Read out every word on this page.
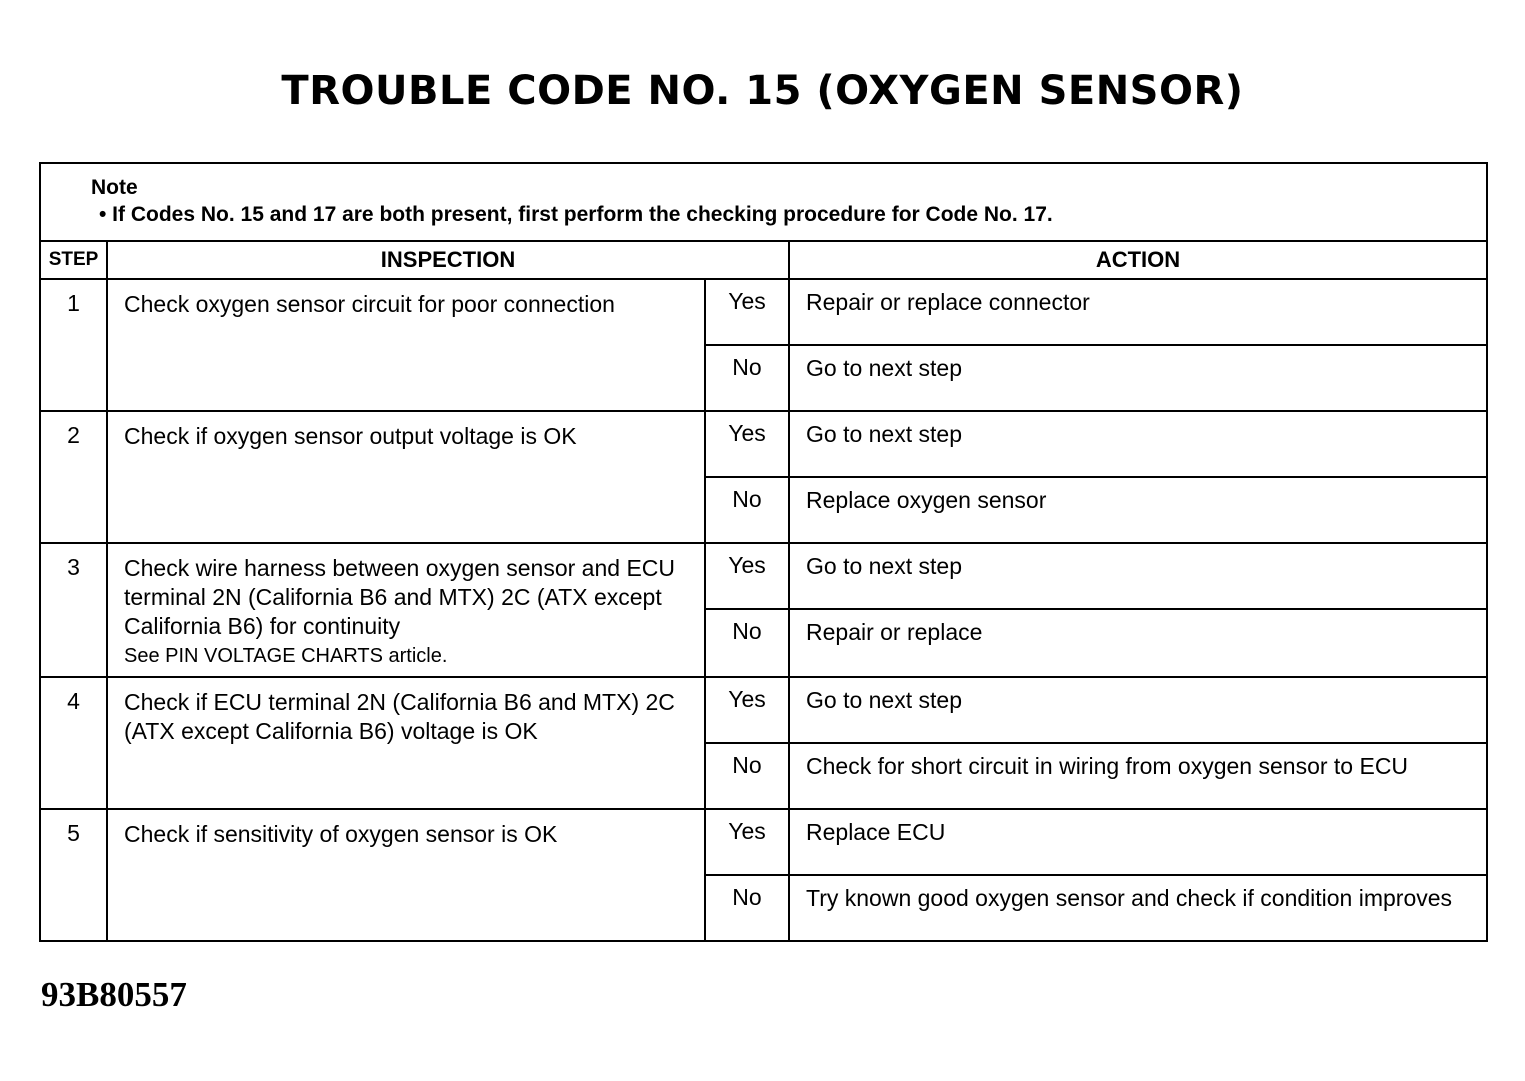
TROUBLE CODE NO. 15 (OXYGEN SENSOR)
Note
• If Codes No. 15 and 17 are both present, first perform the checking procedure for Code No. 17.			

STEP	INSPECTION		ACTION
1	Check oxygen sensor circuit for poor connection	Yes	Repair or replace connector
		No	Go to next step
2	Check if oxygen sensor output voltage is OK	Yes	Go to next step
		No	Replace oxygen sensor
3	Check wire harness between oxygen sensor and ECU terminal 2N (California B6 and MTX) 2C (ATX except California B6) for continuity
See PIN VOLTAGE CHARTS article.	Yes	Go to next step
		No	Repair or replace
4	Check if ECU terminal 2N (California B6 and MTX) 2C (ATX except California B6) voltage is OK	Yes	Go to next step
		No	Check for short circuit in wiring from oxygen sensor to ECU
5	Check if sensitivity of oxygen sensor is OK	Yes	Replace ECU
		No	Try known good oxygen sensor and check if condition improves
93B80557
